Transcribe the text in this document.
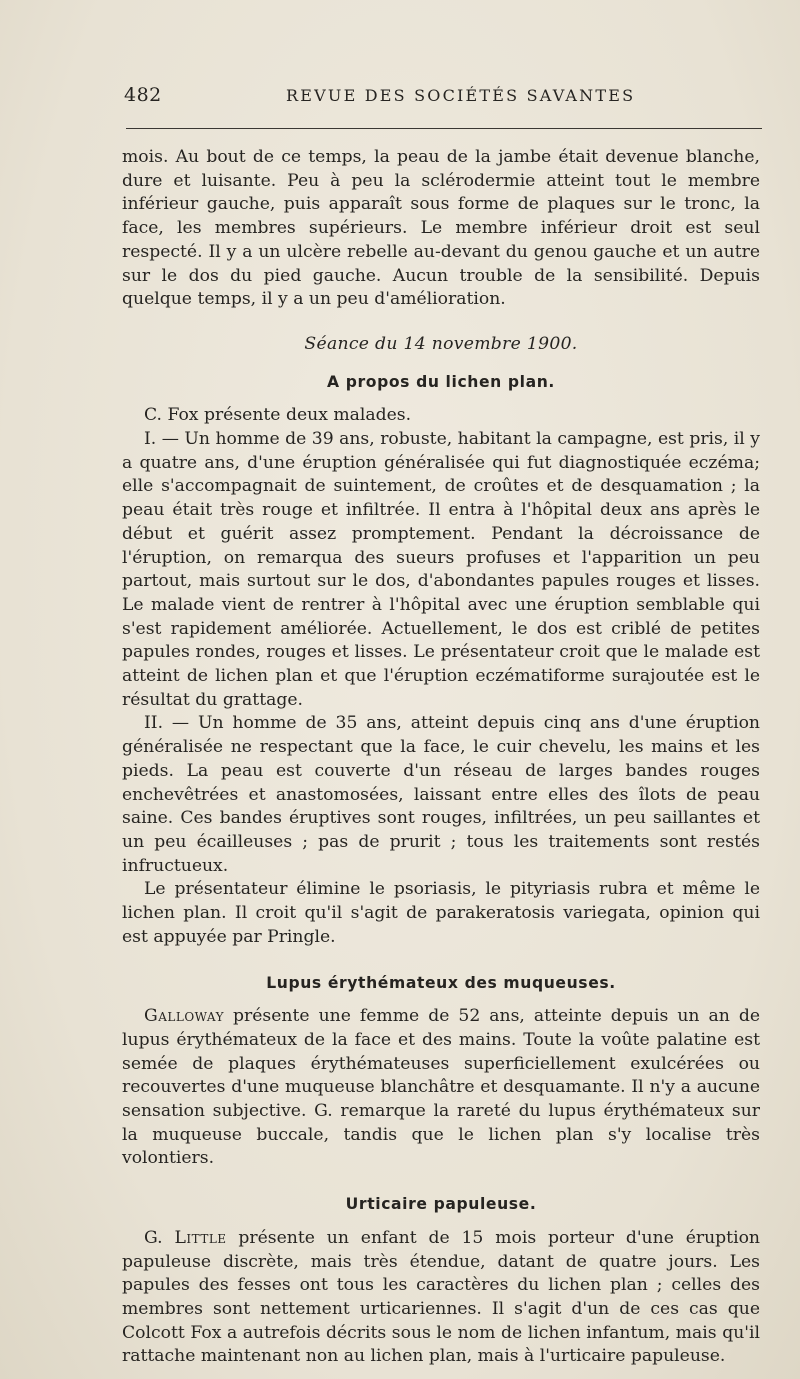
482	REVUE DES SOCIÉTÉS SAVANTES

mois. Au bout de ce temps, la peau de la jambe était devenue blanche, dure et luisante. Peu à peu la sclérodermie atteint tout le membre inférieur gauche, puis apparaît sous forme de plaques sur le tronc, la face, les membres supérieurs. Le membre inférieur droit est seul respecté. Il y a un ulcère rebelle au-devant du genou gauche et un autre sur le dos du pied gauche. Aucun trouble de la sensibilité. Depuis quelque temps, il y a un peu d'amélioration.

Séance du 14 novembre 1900.

A propos du lichen plan.

C. Fox présente deux malades.

I. — Un homme de 39 ans, robuste, habitant la campagne, est pris, il y a quatre ans, d'une éruption généralisée qui fut diagnostiquée eczéma; elle s'accompagnait de suintement, de croûtes et de desquamation ; la peau était très rouge et infiltrée. Il entra à l'hôpital deux ans après le début et guérit assez promptement. Pendant la décroissance de l'éruption, on remarqua des sueurs profuses et l'apparition un peu partout, mais surtout sur le dos, d'abondantes papules rouges et lisses. Le malade vient de rentrer à l'hôpital avec une éruption semblable qui s'est rapidement améliorée. Actuellement, le dos est criblé de petites papules rondes, rouges et lisses. Le présentateur croit que le malade est atteint de lichen plan et que l'éruption eczématiforme surajoutée est le résultat du grattage.

II. — Un homme de 35 ans, atteint depuis cinq ans d'une éruption généralisée ne respectant que la face, le cuir chevelu, les mains et les pieds. La peau est couverte d'un réseau de larges bandes rouges enchevêtrées et anastomosées, laissant entre elles des îlots de peau saine. Ces bandes éruptives sont rouges, infiltrées, un peu saillantes et un peu écailleuses ; pas de prurit ; tous les traitements sont restés infructueux.

Le présentateur élimine le psoriasis, le pityriasis rubra et même le lichen plan. Il croit qu'il s'agit de parakeratosis variegata, opinion qui est appuyée par Pringle.

Lupus érythémateux des muqueuses.

Galloway présente une femme de 52 ans, atteinte depuis un an de lupus érythémateux de la face et des mains. Toute la voûte palatine est semée de plaques érythémateuses superficiellement exulcérées ou recouvertes d'une muqueuse blanchâtre et desquamante. Il n'y a aucune sensation subjective. G. remarque la rareté du lupus érythémateux sur la muqueuse buccale, tandis que le lichen plan s'y localise très volontiers.

Urticaire papuleuse.

G. Little présente un enfant de 15 mois porteur d'une éruption papuleuse discrète, mais très étendue, datant de quatre jours. Les papules des fesses ont tous les caractères du lichen plan ; celles des membres sont nettement urticariennes. Il s'agit d'un de ces cas que Colcott Fox a autrefois décrits sous le nom de lichen infantum, mais qu'il rattache maintenant non au lichen plan, mais à l'urticaire papuleuse.
